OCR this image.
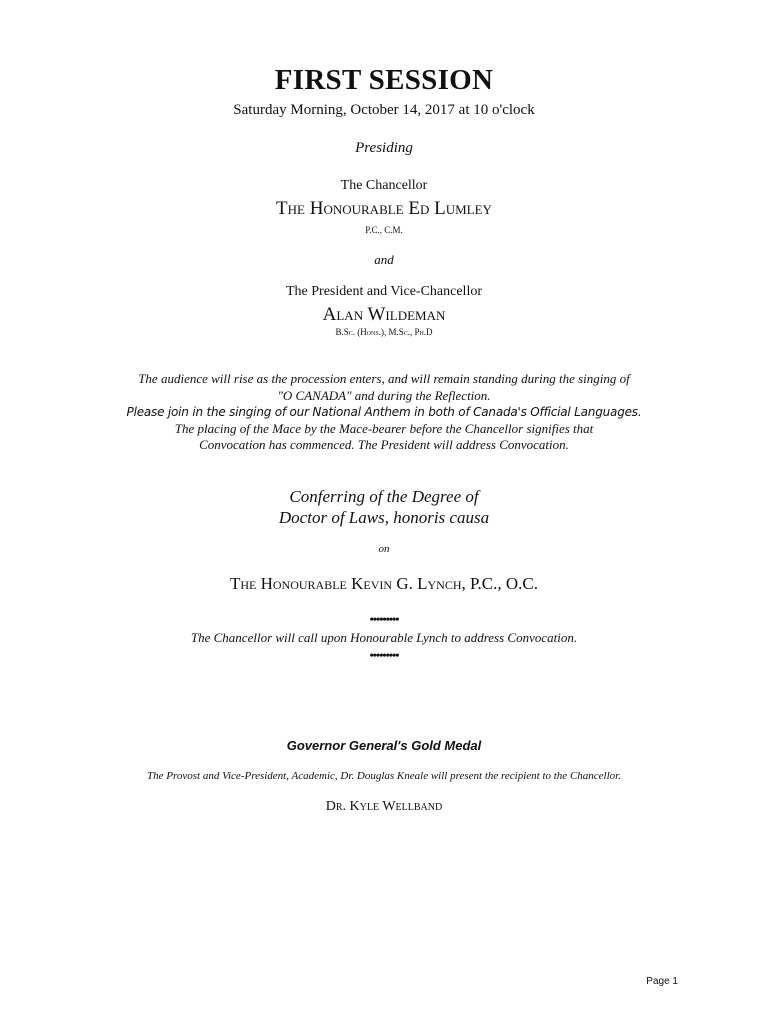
FIRST SESSION
Saturday Morning, October 14, 2017 at 10 o'clock
Presiding
The Chancellor
The Honourable Ed Lumley
P.C., C.M.
and
The President and Vice-Chancellor
Alan Wildeman
B.Sc. (Hons.), M.Sc., Ph.D
The audience will rise as the procession enters, and will remain standing during the singing of
"O CANADA" and during the Reflection.
Please join in the singing of our National Anthem in both of Canada's Official Languages.
The placing of the Mace by the Mace-bearer before the Chancellor signifies that
Convocation has commenced. The President will address Convocation.
Conferring of the Degree of
Doctor of Laws, honoris causa
on
The Honourable Kevin G. Lynch, P.C., O.C.
•••••••••
The Chancellor will call upon Honourable Lynch to address Convocation.
•••••••••
Governor General's Gold Medal
The Provost and Vice-President, Academic, Dr. Douglas Kneale will present the recipient to the Chancellor.
Dr. Kyle Wellband
Page 1
